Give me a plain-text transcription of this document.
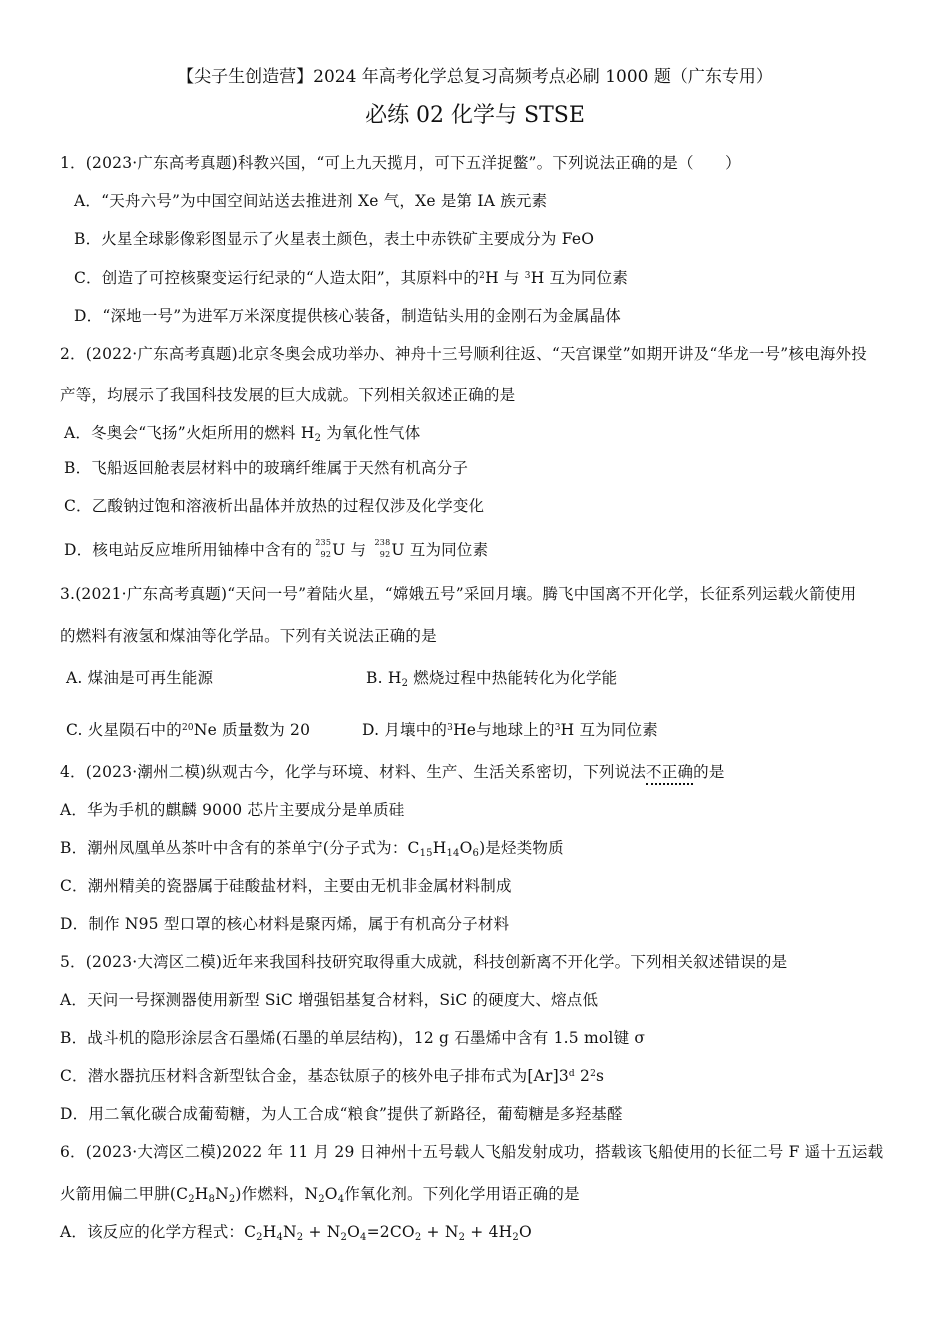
【尖子生创造营】2024 年高考化学总复习高频考点必刷 1000 题（广东专用）
必练 02 化学与 STSE
1．(2023·广东高考真题)科教兴国，“可上九天揽月，可下五洋捉鳖”。下列说法正确的是（　　）
A．“天舟六号”为中国空间站送去推进剂 Xe 气，Xe 是第 IA 族元素
B．火星全球影像彩图显示了火星表土颜色，表土中赤铁矿主要成分为 FeO
C．创造了可控核聚变运行纪录的“人造太阳”，其原料中的$^2$H 与 $^3$H 互为同位素
D．“深地一号”为进军万米深度提供核心装备，制造钻头用的金刚石为金属晶体
2．(2022·广东高考真题)北京冬奥会成功举办、神舟十三号顺利往返、“天宫课堂”如期开讲及“华龙一号”核电海外投
产等，均展示了我国科技发展的巨大成就。下列相关叙述正确的是
A．冬奥会“飞扬”火炬所用的燃料 $H_2$ 为氧化性气体
B．飞船返回舱表层材料中的玻璃纤维属于天然有机高分子
C．乙酸钠过饱和溶液析出晶体并放热的过程仅涉及化学变化
D．核电站反应堆所用铀棒中含有的 235
92 U 与 238
92 U 互为同位素
3.(2021·广东高考真题)“天问一号”着陆火星，“嫦娥五号”采回月壤。腾飞中国离不开化学，长征系列运载火箭使用
的燃料有液氢和煤油等化学品。下列有关说法正确的是
A. 煤油是可再生能源	B. $H_2$ 燃烧过程中热能转化为化学能
C. 火星陨石中的$^{20}$Ne 质量数为 20	D. 月壤中的$^3$He与地球上的$^3$H 互为同位素
4．(2023·潮州二模)纵观古今，化学与环境、材料、生产、生活关系密切，下列说法不正确的是
A．华为手机的麒麟 9000 芯片主要成分是单质硅
B．潮州凤凰单丛茶叶中含有的茶单宁(分子式为：$C_{15}H_{14}O_6$)是烃类物质
C．潮州精美的瓷器属于硅酸盐材料，主要由无机非金属材料制成
D．制作 N95 型口罩的核心材料是聚丙烯，属于有机高分子材料
5．(2023·大湾区二模)近年来我国科技研究取得重大成就，科技创新离不开化学。下列相关叙述错误的是
A．天问一号探测器使用新型 SiC 增强铝基复合材料，SiC 的硬度大、熔点低
B．战斗机的隐形涂层含石墨烯(石墨的单层结构)，12 g 石墨烯中含有 1.5 mol键 σ
C．潜水器抗压材料含新型钛合金，基态钛原子的核外电子排布式为[Ar]3$^d$ $2^2s$
D．用二氧化碳合成葡萄糖，为人工合成“粮食”提供了新路径，葡萄糖是多羟基醛
6．(2023·大湾区二模)2022 年 11 月 29 日神州十五号载人飞船发射成功，搭载该飞船使用的长征二号 F 遥十五运载
火箭用偏二甲肼$(C_2H_8N_2)$作燃料，$N_2O_4$作氧化剂。下列化学用语正确的是
A．该反应的化学方程式：$C_2H_4N_2 + N_2O_4=2CO_2 + N_2 + 4H_2O$
